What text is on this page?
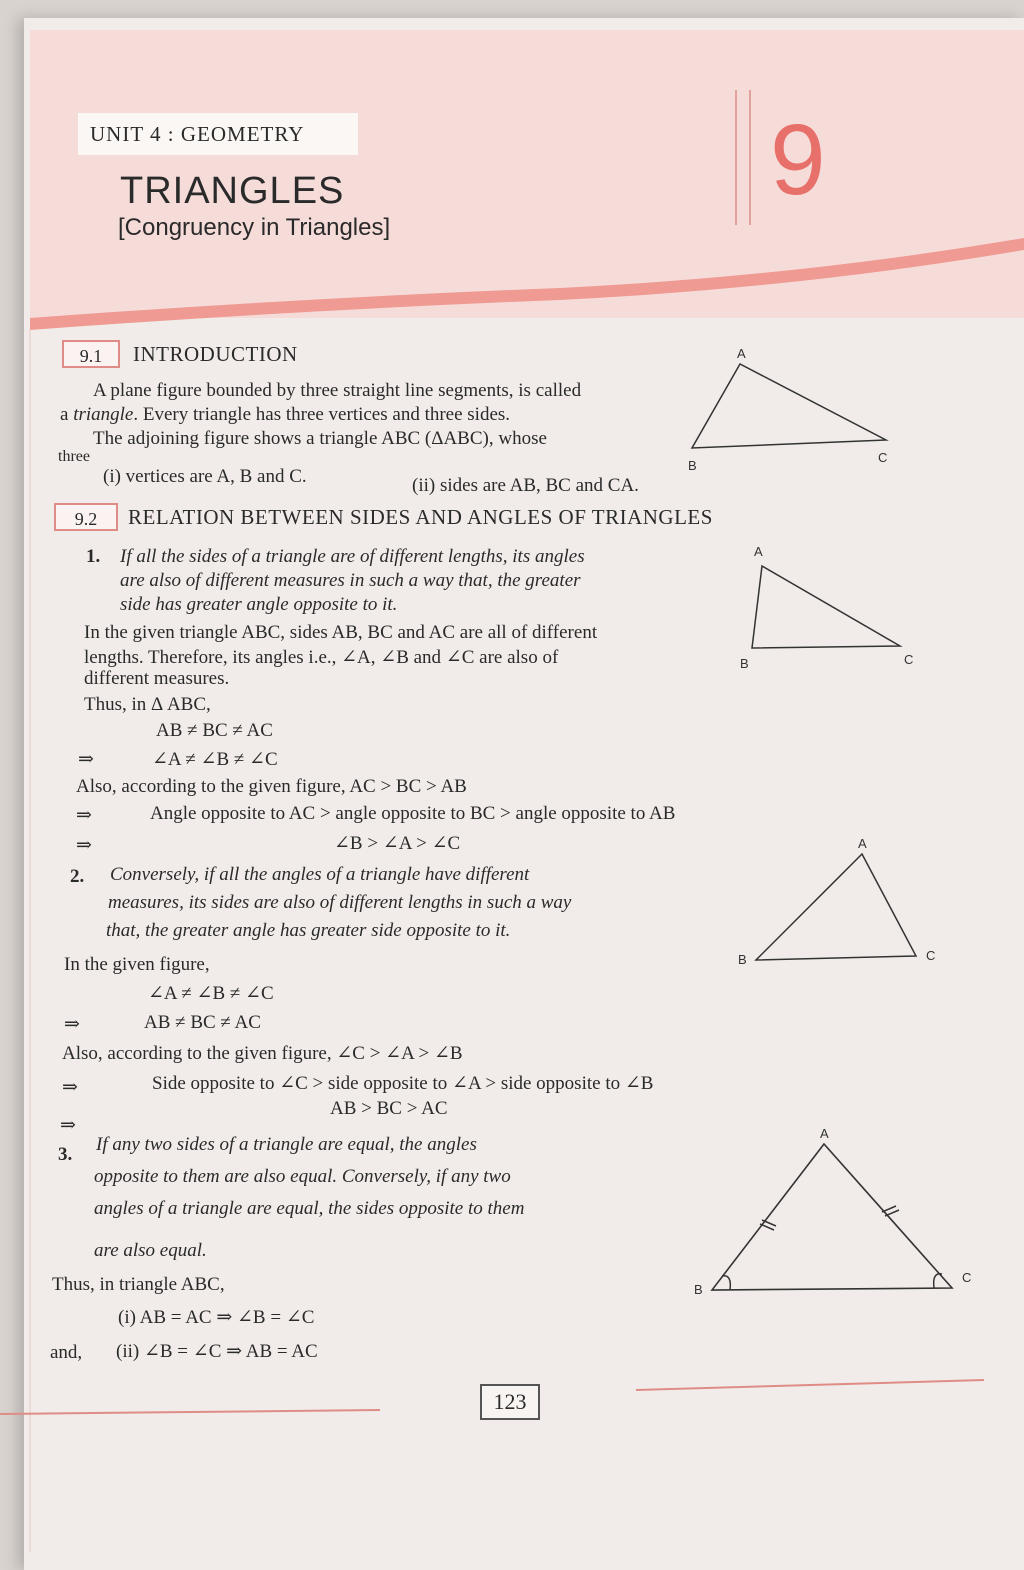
UNIT 4 : GEOMETRY
TRIANGLES
[Congruency in Triangles]
9
9.1	INTRODUCTION
A plane figure bounded by three straight line segments, is called
a triangle. Every triangle has three vertices and three sides.
The adjoining figure shows a triangle ABC (ΔABC), whose
three
(i) vertices are A, B and C.	(ii) sides are AB, BC and CA.
A
B
C
9.2	RELATION BETWEEN SIDES AND ANGLES OF TRIANGLES
1. If all the sides of a triangle are of different lengths, its angles
are also of different measures in such a way that, the greater
side has greater angle opposite to it.
In the given triangle ABC, sides AB, BC and AC are all of different
lengths. Therefore, its angles i.e., ∠A, ∠B and ∠C are also of
different measures.
Thus, in Δ ABC,
AB ≠ BC ≠ AC
⇒	∠A ≠ ∠B ≠ ∠C
Also, according to the given figure, AC > BC > AB
⇒	Angle opposite to AC > angle opposite to BC > angle opposite to AB
⇒	∠B > ∠A > ∠C
A
B	C
2. Conversely, if all the angles of a triangle have different
measures, its sides are also of different lengths in such a way
that, the greater angle has greater side opposite to it.
In the given figure,
∠A ≠ ∠B ≠ ∠C
⇒	AB ≠ BC ≠ AC
Also, according to the given figure, ∠C > ∠A > ∠B
⇒	Side opposite to ∠C > side opposite to ∠A > side opposite to ∠B
⇒
AB > BC > AC
A
B	C
3. If any two sides of a triangle are equal, the angles
opposite to them are also equal. Conversely, if any two
angles of a triangle are equal, the sides opposite to them
are also equal.
Thus, in triangle ABC,
(i) AB = AC ⇒ ∠B = ∠C
and, (ii) ∠B = ∠C ⇒ AB = AC
A
B
C
123
